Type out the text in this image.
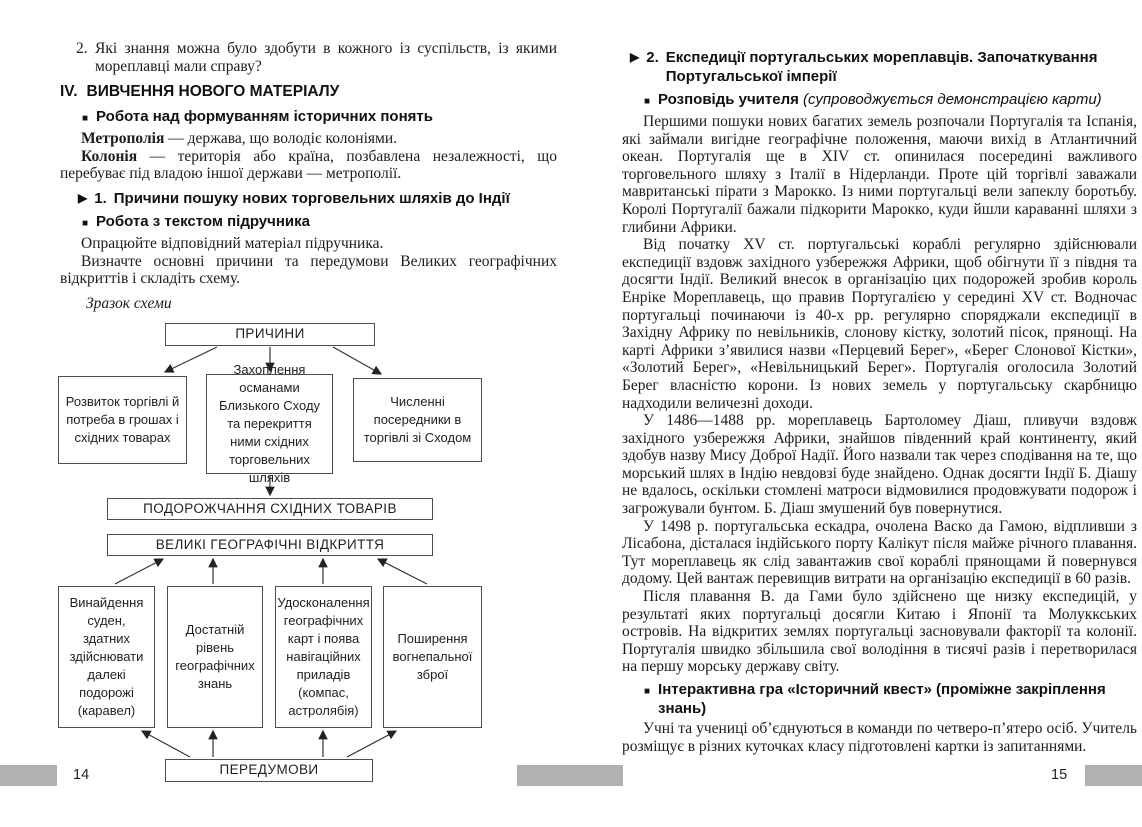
2. Які знання можна було здобути в кожного із суспільств, із якими мореплавці мали справу?
IV. ВИВЧЕННЯ НОВОГО МАТЕРІАЛУ
■ Робота над формуванням історичних понять

Метрополія — держава, що володіє колоніями.

Колонія — територія або країна, позбавлена незалежності, що перебуває під владою іншої держави — метрополії.

▶ 1. Причини пошуку нових торговельних шляхів до Індії
■ Робота з текстом підручника

Опрацюйте відповідний матеріал підручника.

Визначте основні причини та передумови Великих географічних відкриттів і складіть схему.

Зразок схеми

ПРИЧИНИ
Розвиток торгівлі й потреба в грошах і східних товарах
Захоплення османами Близького Сходу та перекриття ними східних торговельних шляхів
Численні посередники в торгівлі зі Сходом
ПОДОРОЖЧАННЯ СХІДНИХ ТОВАРІВ
ВЕЛИКІ ГЕОГРАФІЧНІ ВІДКРИТТЯ
Винайдення суден, здатних здійснювати далекі подорожі (каравел)
Достатній рівень географічних знань
Удосконалення географічних карт і поява навігаційних приладів (компас, астролябія)
Поширення вогнепальної зброї
ПЕРЕДУМОВИ
▶ 2. Експедиції португальських мореплавців. Започаткування Португальської імперії
■ Розповідь учителя (супроводжується демонстрацією карти)

Першими пошуки нових багатих земель розпочали Португалія та Іспанія, які займали вигідне географічне положення, маючи вихід в Атлантичний океан. Португалія ще в XIV ст. опинилася посередині важливого торговельного шляху з Італії в Нідерланди. Проте цій торгівлі заважали мавританські пірати з Марокко. Із ними португальці вели запеклу боротьбу. Королі Португалії бажали підкорити Марокко, куди йшли караванні шляхи з глибини Африки.

Від початку XV ст. португальські кораблі регулярно здійснювали експедиції вздовж західного узбережжя Африки, щоб обігнути її з півдня та досягти Індії. Великий внесок в організацію цих подорожей зробив король Енріке Мореплавець, що правив Португалією у середині XV ст. Водночас португальці починаючи із 40-х рр. регулярно споряджали експедиції в Західну Африку по невільників, слонову кістку, золотий пісок, прянощі. На карті Африки з’явилися назви «Перцевий Берег», «Берег Слонової Кістки», «Золотий Берег», «Невільницький Берег». Португалія оголосила Золотий Берег власністю корони. Із нових земель у португальську скарбницю надходили величезні доходи.

У 1486—1488 рр. мореплавець Бартоломеу Діаш, пливучи вздовж західного узбережжя Африки, знайшов південний край континенту, який здобув назву Мису Доброї Надії. Його назвали так через сподівання на те, що морський шлях в Індію невдовзі буде знайдено. Однак досягти Індії Б. Діашу не вдалось, оскільки стомлені матроси відмовилися продовжувати подорож і загрожували бунтом. Б. Діаш змушений був повернутися.

У 1498 р. португальська ескадра, очолена Васко да Гамою, відпливши з Лісабона, дісталася індійського порту Калікут після майже річного плавання. Тут мореплавець як слід завантажив свої кораблі прянощами й повернувся додому. Цей вантаж перевищив витрати на організацію експедиції в 60 разів.

Після плавання В. да Гами було здійснено ще низку експедицій, у результаті яких португальці досягли Китаю і Японії та Молуккських островів. На відкритих землях португальці засновували факторії та колонії. Португалія швидко збільшила свої володіння в тисячі разів і перетворилася на першу морську державу світу.

■ Інтерактивна гра «Історичний квест» (проміжне закріплення знань)

Учні та учениці об’єднуються в команди по четверо-п’ятеро осіб. Учитель розміщує в різних куточках класу підготовлені картки із запитаннями.

14	15
